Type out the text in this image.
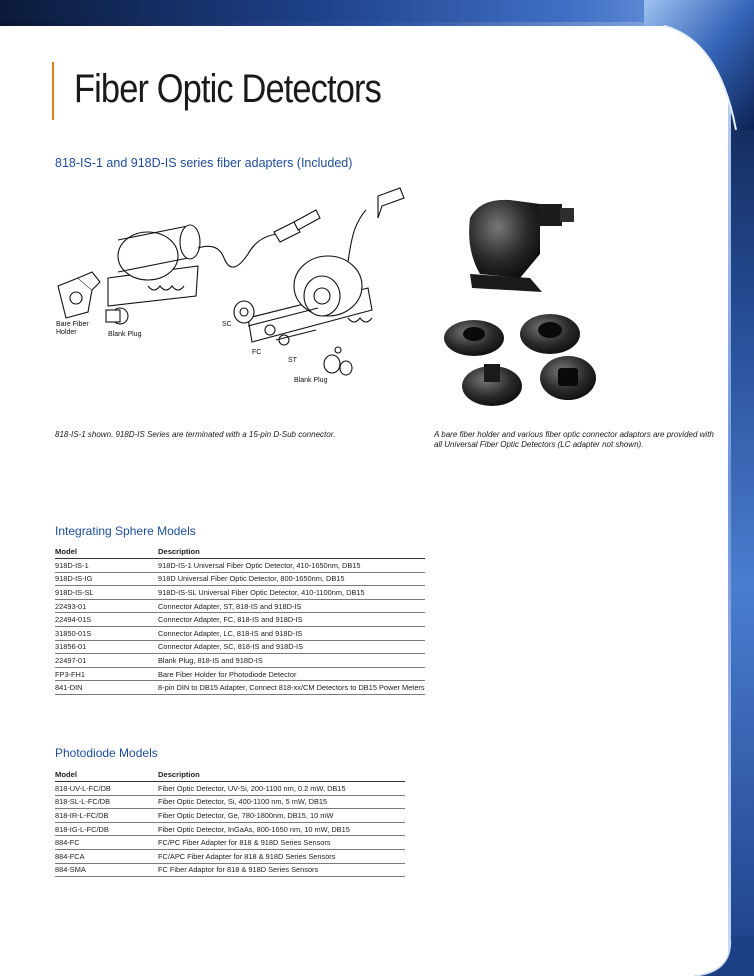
Fiber Optic Detectors
818-IS-1 and 918D-IS series fiber adapters (Included)
Bare Fiber
Holder	Blank Plug
SC
FC
ST
Blank Plug
818-IS-1 shown. 918D-IS Series are terminated with a 15-pin D-Sub connector.	A bare fiber holder and various fiber optic connector adaptors are provided with all Universal Fiber Optic Detectors (LC adapter not shown).
Integrating Sphere Models
Model	Description
918D-IS-1	918D-IS-1 Universal Fiber Optic Detector, 410-1650nm, DB15
918D-IS-IG	918D Universal Fiber Optic Detector, 800-1650nm, DB15
918D-IS-SL	918D-IS-SL Universal Fiber Optic Detector, 410-1100nm, DB15
22493-01	Connector Adapter, ST, 818-IS and 918D-IS
22494-01S	Connector Adapter, FC, 818-IS and 918D-IS
31850-01S	Connector Adapter, LC, 818-IS and 918D-IS
31856-01	Connector Adapter, SC, 818-IS and 918D-IS
22497-01	Blank Plug, 818-IS and 918D-IS
FP3-FH1	Bare Fiber Holder for Photodiode Detector
841-DIN	8-pin DIN to DB15 Adapter, Connect 818-xx/CM Detectors to DB15 Power Meters
Photodiode Models
Model	Description
818-UV-L-FC/DB	Fiber Optic Detector, UV-Si, 200-1100 nm, 0.2 mW, DB15
818-SL-L-FC/DB	Fiber Optic Detector, Si, 400-1100 nm, 5 mW, DB15
818-IR-L-FC/DB	Fiber Optic Detector, Ge, 780-1800nm, DB15, 10 mW
818-IG-L-FC/DB	Fiber Optic Detector, InGaAs, 800-1650 nm, 10 mW, DB15
884-FC	FC/PC Fiber Adapter for 818 & 918D Series Sensors
884-FCA	FC/APC Fiber Adapter for 818 & 918D Series Sensors
884-SMA	FC Fiber Adaptor for 818 & 918D Series Sensors
